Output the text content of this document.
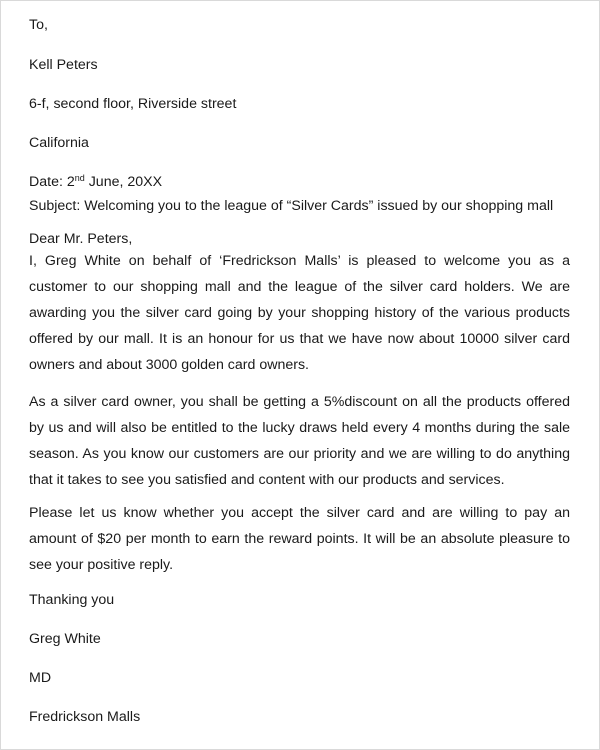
To,
Kell Peters
6-f, second floor, Riverside street
California
Date: 2nd June, 20XX
Subject: Welcoming you to the league of “Silver Cards” issued by our shopping mall
Dear Mr. Peters,
I, Greg White on behalf of ‘Fredrickson Malls’ is pleased to welcome you as a customer to our shopping mall and the league of the silver card holders. We are awarding you the silver card going by your shopping history of the various products offered by our mall. It is an honour for us that we have now about 10000 silver card owners and about 3000 golden card owners.
As a silver card owner, you shall be getting a 5%discount on all the products offered by us and will also be entitled to the lucky draws held every 4 months during the sale season. As you know our customers are our priority and we are willing to do anything that it takes to see you satisfied and content with our products and services.
Please let us know whether you accept the silver card and are willing to pay an amount of $20 per month to earn the reward points. It will be an absolute pleasure to see your positive reply.
Thanking you
Greg White
MD
Fredrickson Malls
